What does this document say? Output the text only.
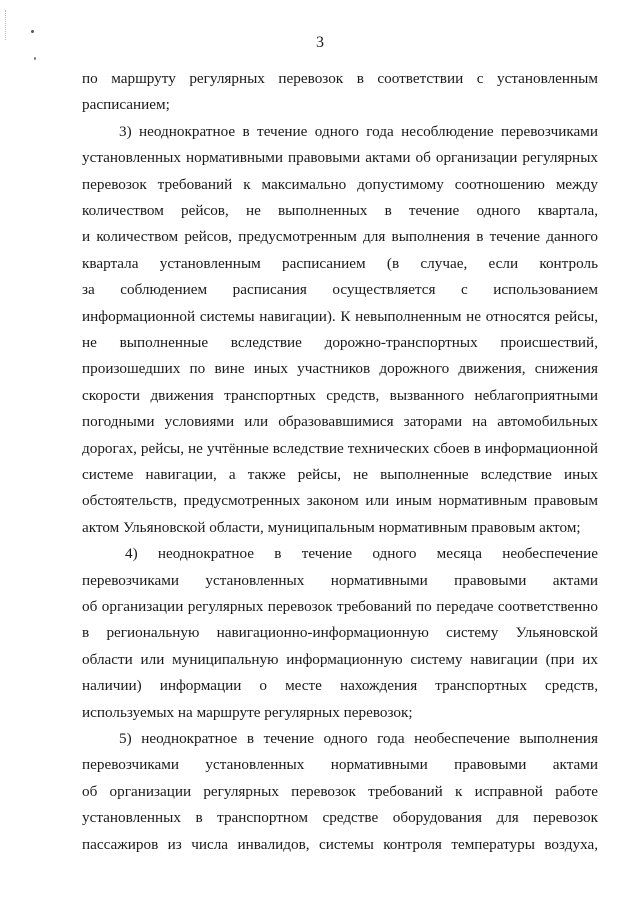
3
по маршруту регулярных перевозок в соответствии с установленным
расписанием;
3) неоднократное в течение одного года несоблюдение перевозчиками
установленных нормативными правовыми актами об организации регулярных
перевозок требований к максимально допустимому соотношению между
количеством рейсов, не выполненных в течение одного квартала,
и количеством рейсов, предусмотренным для выполнения в течение данного
квартала установленным расписанием (в случае, если контроль
за соблюдением расписания осуществляется с использованием
информационной системы навигации). К невыполненным не относятся рейсы,
не выполненные вследствие дорожно-транспортных происшествий,
произошедших по вине иных участников дорожного движения, снижения
скорости движения транспортных средств, вызванного неблагоприятными
погодными условиями или образовавшимися заторами на автомобильных
дорогах, рейсы, не учтённые вследствие технических сбоев в информационной
системе навигации, а также рейсы, не выполненные вследствие иных
обстоятельств, предусмотренных законом или иным нормативным правовым
актом Ульяновской области, муниципальным нормативным правовым актом;
4) неоднократное в течение одного месяца необеспечение
перевозчиками установленных нормативными правовыми актами
об организации регулярных перевозок требований по передаче соответственно
в региональную навигационно-информационную систему Ульяновской
области или муниципальную информационную систему навигации (при их
наличии) информации о месте нахождения транспортных средств,
используемых на маршруте регулярных перевозок;
5) неоднократное в течение одного года необеспечение выполнения
перевозчиками установленных нормативными правовыми актами
об организации регулярных перевозок требований к исправной работе
установленных в транспортном средстве оборудования для перевозок
пассажиров из числа инвалидов, системы контроля температуры воздуха,
